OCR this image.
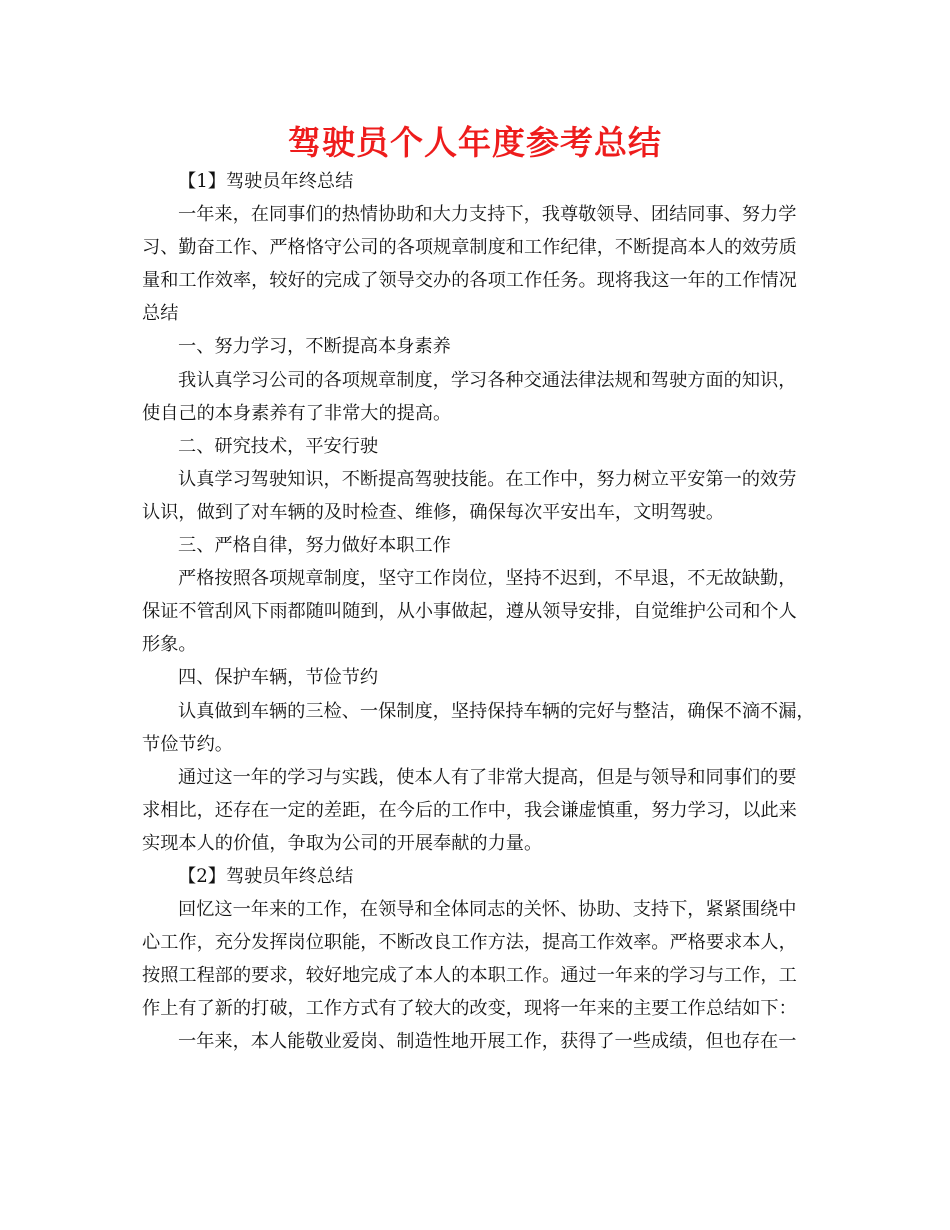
驾驶员个人年度参考总结
【1】驾驶员年终总结
一年来，在同事们的热情协助和大力支持下，我尊敬领导、团结同事、努力学
习、勤奋工作、严格恪守公司的各项规章制度和工作纪律，不断提高本人的效劳质
量和工作效率，较好的完成了领导交办的各项工作任务。现将我这一年的工作情况
总结
一、努力学习，不断提高本身素养
我认真学习公司的各项规章制度，学习各种交通法律法规和驾驶方面的知识，
使自己的本身素养有了非常大的提高。
二、研究技术，平安行驶
认真学习驾驶知识，不断提高驾驶技能。在工作中，努力树立平安第一的效劳
认识，做到了对车辆的及时检查、维修，确保每次平安出车，文明驾驶。
三、严格自律，努力做好本职工作
严格按照各项规章制度，坚守工作岗位，坚持不迟到，不早退，不无故缺勤，
保证不管刮风下雨都随叫随到，从小事做起，遵从领导安排，自觉维护公司和个人
形象。
四、保护车辆，节俭节约
认真做到车辆的三检、一保制度，坚持保持车辆的完好与整洁，确保不滴不漏，
节俭节约。
通过这一年的学习与实践，使本人有了非常大提高，但是与领导和同事们的要
求相比，还存在一定的差距，在今后的工作中，我会谦虚慎重，努力学习，以此来
实现本人的价值，争取为公司的开展奉献的力量。
【2】驾驶员年终总结
回忆这一年来的工作，在领导和全体同志的关怀、协助、支持下，紧紧围绕中
心工作，充分发挥岗位职能，不断改良工作方法，提高工作效率。严格要求本人，
按照工程部的要求，较好地完成了本人的本职工作。通过一年来的学习与工作，工
作上有了新的打破，工作方式有了较大的改变，现将一年来的主要工作总结如下：
一年来，本人能敬业爱岗、制造性地开展工作，获得了一些成绩，但也存在一
